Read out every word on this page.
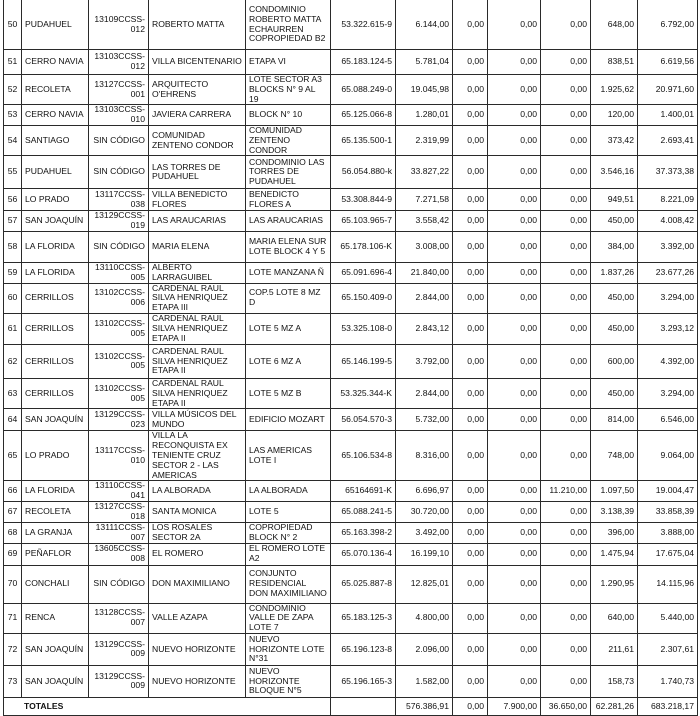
50	PUDAHUEL	13109CCSS-012	ROBERTO MATTA	CONDOMINIO ROBERTO MATTA ECHAURREN COPROPIEDAD B2	53.322.615-9	6.144,00	0,00	0,00	0,00	648,00	6.792,00
51	CERRO NAVIA	13103CCSS-012	VILLA BICENTENARIO	ETAPA VI	65.183.124-5	5.781,04	0,00	0,00	0,00	838,51	6.619,56
52	RECOLETA	13127CCSS-001	ARQUITECTO O'EHRENS	LOTE SECTOR A3 BLOCKS N° 9 AL 19	65.088.249-0	19.045,98	0,00	0,00	0,00	1.925,62	20.971,60
53	CERRO NAVIA	13103CCSS-010	JAVIERA CARRERA	BLOCK N° 10	65.125.066-8	1.280,01	0,00	0,00	0,00	120,00	1.400,01
54	SANTIAGO	SIN CÓDIGO	COMUNIDAD ZENTENO CONDOR	COMUNIDAD ZENTENO CONDOR	65.135.500-1	2.319,99	0,00	0,00	0,00	373,42	2.693,41
55	PUDAHUEL	SIN CÓDIGO	LAS TORRES DE PUDAHUEL	CONDOMINIO LAS TORRES DE PUDAHUEL	56.054.880-k	33.827,22	0,00	0,00	0,00	3.546,16	37.373,38
56	LO PRADO	13117CCSS-038	VILLA BENEDICTO FLORES	BENEDICTO FLORES A	53.308.844-9	7.271,58	0,00	0,00	0,00	949,51	8.221,09
57	SAN JOAQUÍN	13129CCSS-019	LAS ARAUCARIAS	LAS ARAUCARIAS	65.103.965-7	3.558,42	0,00	0,00	0,00	450,00	4.008,42
58	LA FLORIDA	SIN CÓDIGO	MARIA ELENA	MARIA ELENA SUR LOTE BLOCK 4 Y 5	65.178.106-K	3.008,00	0,00	0,00	0,00	384,00	3.392,00
59	LA FLORIDA	13110CCSS-005	ALBERTO LARRAGUIBEL	LOTE MANZANA Ñ	65.091.696-4	21.840,00	0,00	0,00	0,00	1.837,26	23.677,26
60	CERRILLOS	13102CCSS-006	CARDENAL RAUL SILVA HENRIQUEZ ETAPA III	COP.5 LOTE 8 MZ D	65.150.409-0	2.844,00	0,00	0,00	0,00	450,00	3.294,00
61	CERRILLOS	13102CCSS-005	CARDENAL RAUL SILVA HENRIQUEZ ETAPA II	LOTE 5 MZ A	53.325.108-0	2.843,12	0,00	0,00	0,00	450,00	3.293,12
62	CERRILLOS	13102CCSS-005	CARDENAL RAUL SILVA HENRIQUEZ ETAPA II	LOTE 6 MZ A	65.146.199-5	3.792,00	0,00	0,00	0,00	600,00	4.392,00
63	CERRILLOS	13102CCSS-005	CARDENAL RAUL SILVA HENRIQUEZ ETAPA II	LOTE 5 MZ B	53.325.344-K	2.844,00	0,00	0,00	0,00	450,00	3.294,00
64	SAN JOAQUÍN	13129CCSS-023	VILLA MÚSICOS DEL MUNDO	EDIFICIO MOZART	56.054.570-3	5.732,00	0,00	0,00	0,00	814,00	6.546,00
65	LO PRADO	13117CCSS-010	VILLA LA RECONQUISTA EX TENIENTE CRUZ SECTOR 2 - LAS AMERICAS	LAS AMERICAS LOTE I	65.106.534-8	8.316,00	0,00	0,00	0,00	748,00	9.064,00
66	LA FLORIDA	13110CCSS-041	LA ALBORADA	LA ALBORADA	65164691-K	6.696,97	0,00	0,00	11.210,00	1.097,50	19.004,47
67	RECOLETA	13127CCSS-018	SANTA MONICA	LOTE 5	65.088.241-5	30.720,00	0,00	0,00	0,00	3.138,39	33.858,39
68	LA GRANJA	13111CCSS-007	LOS ROSALES SECTOR 2A	COPROPIEDAD BLOCK N° 2	65.163.398-2	3.492,00	0,00	0,00	0,00	396,00	3.888,00
69	PEÑAFLOR	13605CCSS-008	EL ROMERO	EL ROMERO LOTE A2	65.070.136-4	16.199,10	0,00	0,00	0,00	1.475,94	17.675,04
70	CONCHALI	SIN CÓDIGO	DON MAXIMILIANO	CONJUNTO RESIDENCIAL DON MAXIMILIANO	65.025.887-8	12.825,01	0,00	0,00	0,00	1.290,95	14.115,96
71	RENCA	13128CCSS-007	VALLE AZAPA	CONDOMINIO VALLE DE ZAPA LOTE 7	65.183.125-3	4.800,00	0,00	0,00	0,00	640,00	5.440,00
72	SAN JOAQUÍN	13129CCSS-009	NUEVO HORIZONTE	NUEVO HORIZONTE LOTE N°31	65.196.123-8	2.096,00	0,00	0,00	0,00	211,61	2.307,61
73	SAN JOAQUÍN	13129CCSS-009	NUEVO HORIZONTE	NUEVO HORIZONTE BLOQUE N°5	65.196.165-3	1.582,00	0,00	0,00	0,00	158,73	1.740,73
TOTALES						576.386,91	0,00	7.900,00	36.650,00	62.281,26	683.218,17
